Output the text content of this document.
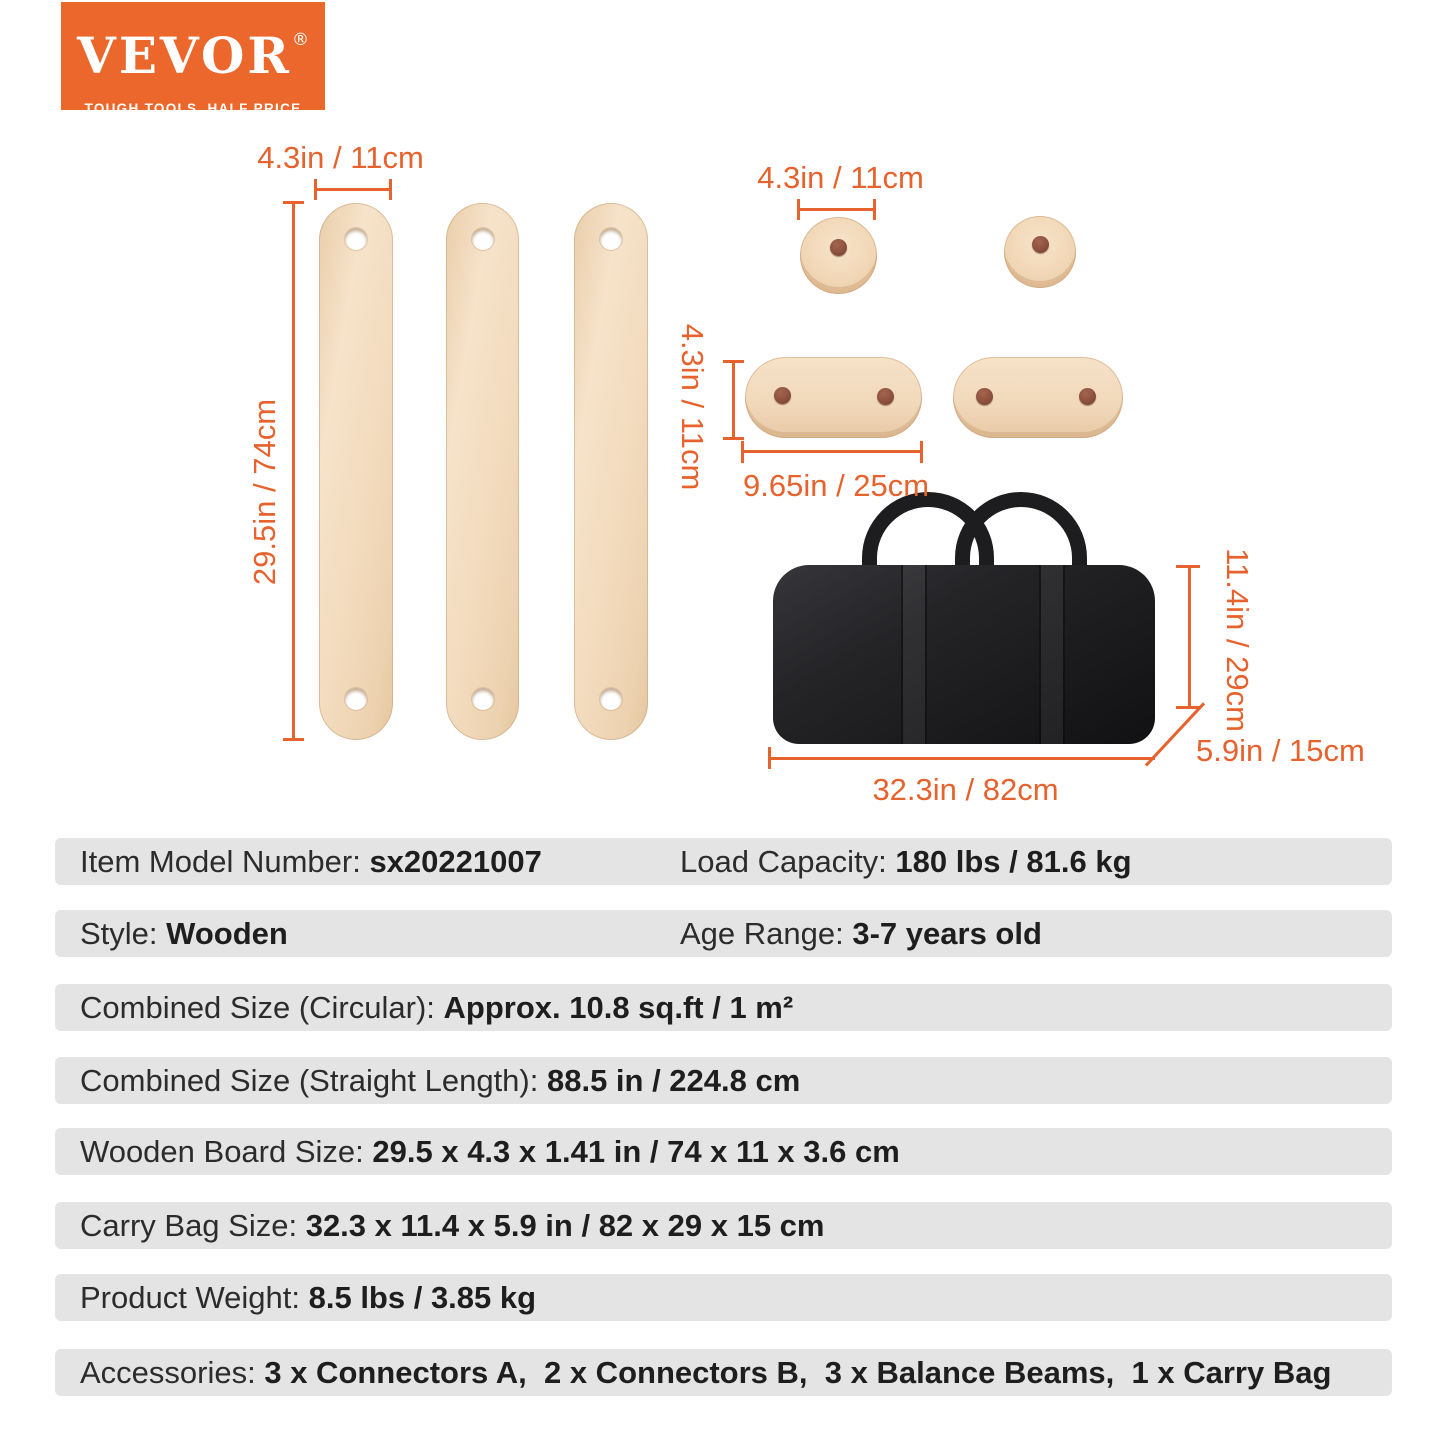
VEVOR®
TOUGH TOOLS, HALF PRICE
4.3in / 11cm
29.5in / 74cm
4.3in / 11cm
4.3in / 11cm 9.65in / 25cm
11.4in / 29cm
5.9in / 15cm
32.3in / 82cm
Item Model Number: sx20221007	Load Capacity: 180 lbs / 81.6 kg
Style: Wooden	Age Range: 3-7 years old
Combined Size (Circular): Approx. 10.8 sq.ft / 1 m²
Combined Size (Straight Length): 88.5 in / 224.8 cm
Wooden Board Size: 29.5 x 4.3 x 1.41 in / 74 x 11 x 3.6 cm
Carry Bag Size: 32.3 x 11.4 x 5.9 in / 82 x 29 x 15 cm
Product Weight: 8.5 lbs / 3.85 kg
Accessories: 3 x Connectors A,  2 x Connectors B,  3 x Balance Beams,  1 x Carry Bag
